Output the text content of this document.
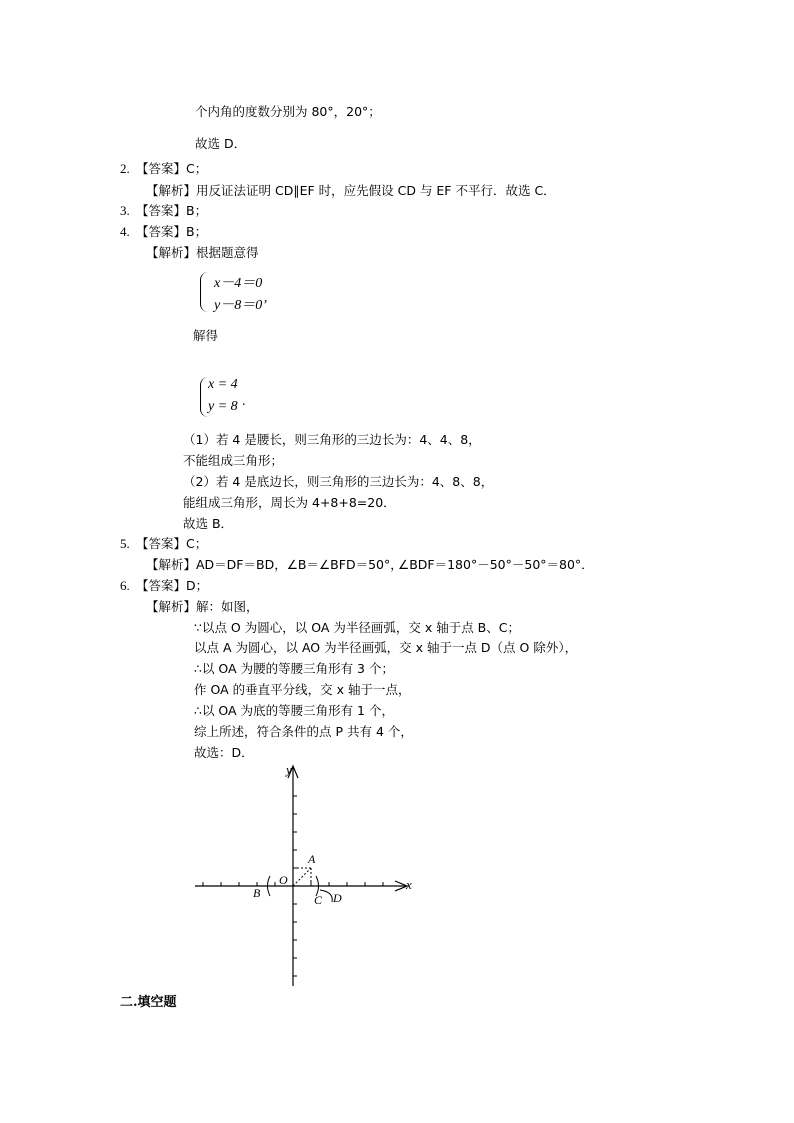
个内角的度数分别为 80°，20°；
故选 D．
2. 【答案】C；
【解析】用反证法证明 CD∥EF 时，应先假设 CD 与 EF 不平行．故选 C．
3. 【答案】B；
4. 【答案】B；
【解析】根据题意得
x－4＝0
y－8＝0’
解得
x = 4
y = 8 .
（1）若 4 是腰长，则三角形的三边长为：4、4、8，
不能组成三角形；
（2）若 4 是底边长，则三角形的三边长为：4、8、8，
能组成三角形，周长为 4+8+8=20．
故选 B．
5. 【答案】C；
【解析】AD＝DF＝BD，∠B＝∠BFD＝50°，
∠BDF＝180°－50°－50°＝80°．
6. 【答案】D；
【解析】解：如图，
∵以点 O 为圆心，以 OA 为半径画弧，交 x 轴于点 B、C；
以点 A 为圆心，以 AO 为半径画弧，交 x 轴于一点 D（点 O 除外），
∴以 OA 为腰的等腰三角形有 3 个；
作 OA 的垂直平分线，交 x 轴于一点，
∴以 OA 为底的等腰三角形有 1 个，
综上所述，符合条件的点 P 共有 4 个，
故选：D．
y
x
A
O
B	C D
二.填空题
